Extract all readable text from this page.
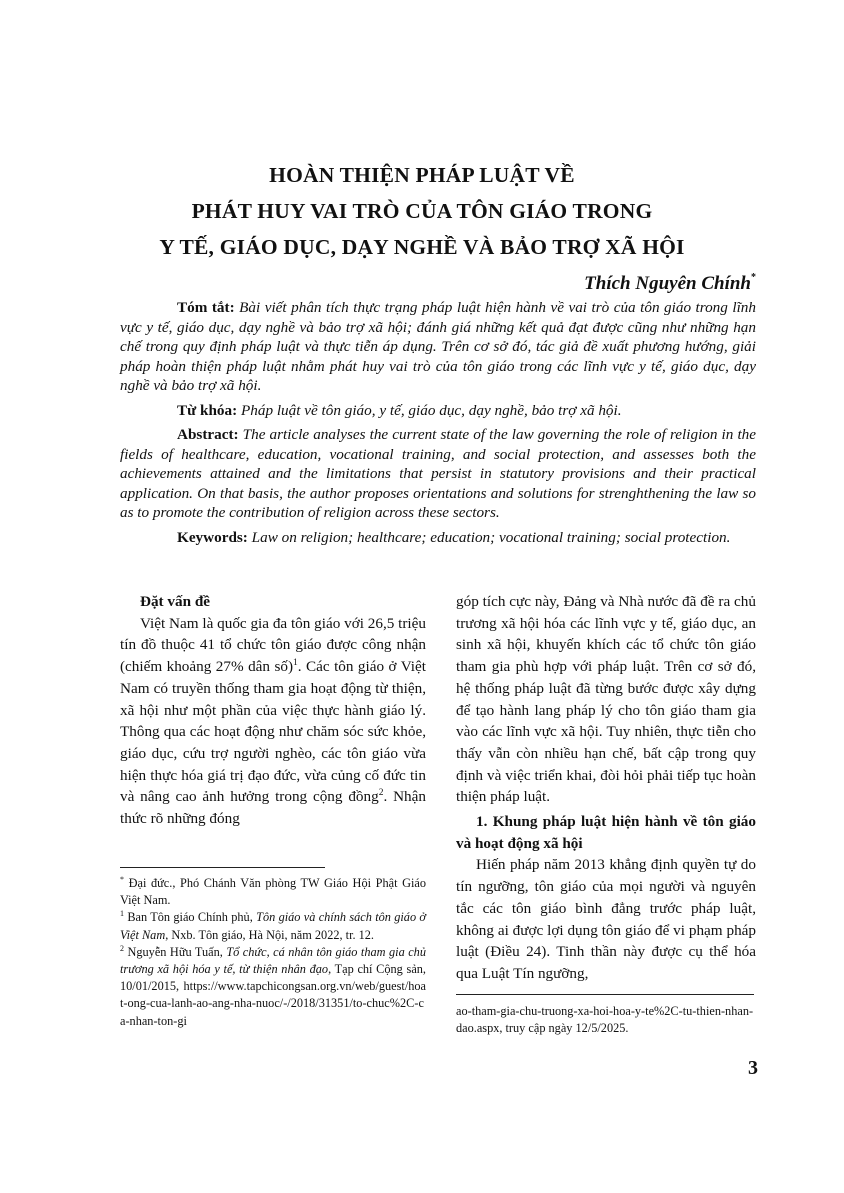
HOÀN THIỆN PHÁP LUẬT VỀ
PHÁT HUY VAI TRÒ CỦA TÔN GIÁO TRONG
Y TẾ, GIÁO DỤC, DẠY NGHỀ VÀ BẢO TRỢ XÃ HỘI
Thích Nguyên Chính*

Tóm tắt: Bài viết phân tích thực trạng pháp luật hiện hành về vai trò của tôn giáo trong lĩnh vực y tế, giáo dục, dạy nghề và bảo trợ xã hội; đánh giá những kết quả đạt được cũng như những hạn chế trong quy định pháp luật và thực tiễn áp dụng. Trên cơ sở đó, tác giả đề xuất phương hướng, giải pháp hoàn thiện pháp luật nhằm phát huy vai trò của tôn giáo trong các lĩnh vực y tế, giáo dục, dạy nghề và bảo trợ xã hội.

Từ khóa: Pháp luật về tôn giáo, y tế, giáo dục, dạy nghề, bảo trợ xã hội.

Abstract: The article analyses the current state of the law governing the role of religion in the fields of healthcare, education, vocational training, and social protection, and assesses both the achievements attained and the limitations that persist in statutory provisions and their practical application. On that basis, the author proposes orientations and solutions for strenghthening the law so as to promote the contribution of religion across these sectors.

Keywords: Law on religion; healthcare; education; vocational training; social protection.

Đặt vấn đề

Việt Nam là quốc gia đa tôn giáo với 26,5 triệu tín đồ thuộc 41 tổ chức tôn giáo được công nhận (chiếm khoảng 27% dân số)$^1$. Các tôn giáo ở Việt Nam có truyền thống tham gia hoạt động từ thiện, xã hội như một phần của việc thực hành giáo lý. Thông qua các hoạt động như chăm sóc sức khỏe, giáo dục, cứu trợ người nghèo, các tôn giáo vừa hiện thực hóa giá trị đạo đức, vừa củng cố đức tin và nâng cao ảnh hưởng trong cộng đồng$^2$. Nhận thức rõ những đóng

* Đại đức., Phó Chánh Văn phòng TW Giáo Hội Phật Giáo Việt Nam.

$^1$ Ban Tôn giáo Chính phủ, Tôn giáo và chính sách tôn giáo ở Việt Nam, Nxb. Tôn giáo, Hà Nội, năm 2022, tr. 12.

$^2$ Nguyễn Hữu Tuấn, Tổ chức, cá nhân tôn giáo tham gia chủ trương xã hội hóa y tế, từ thiện nhân đạo, Tạp chí Cộng sản, 10/01/2015, https://www.tapchicongsan.org.vn/web/guest/hoat-ong-cua-lanh-ao-ang-nha-nuoc/-/2018/31351/to-chuc%2C-ca-nhan-ton-gi

góp tích cực này, Đảng và Nhà nước đã đề ra chủ trương xã hội hóa các lĩnh vực y tế, giáo dục, an sinh xã hội, khuyến khích các tổ chức tôn giáo tham gia phù hợp với pháp luật. Trên cơ sở đó, hệ thống pháp luật đã từng bước được xây dựng để tạo hành lang pháp lý cho tôn giáo tham gia vào các lĩnh vực xã hội. Tuy nhiên, thực tiễn cho thấy vẫn còn nhiều hạn chế, bất cập trong quy định và việc triển khai, đòi hỏi phải tiếp tục hoàn thiện pháp luật.

1. Khung pháp luật hiện hành về tôn giáo và hoạt động xã hội

Hiến pháp năm 2013 khẳng định quyền tự do tín ngưỡng, tôn giáo của mọi người và nguyên tắc các tôn giáo bình đẳng trước pháp luật, không ai được lợi dụng tôn giáo để vi phạm pháp luật (Điều 24). Tinh thần này được cụ thể hóa qua Luật Tín ngưỡng,

ao-tham-gia-chu-truong-xa-hoi-hoa-y-te%2C-tu-thien-nhan-dao.aspx, truy cập ngày 12/5/2025.

3
